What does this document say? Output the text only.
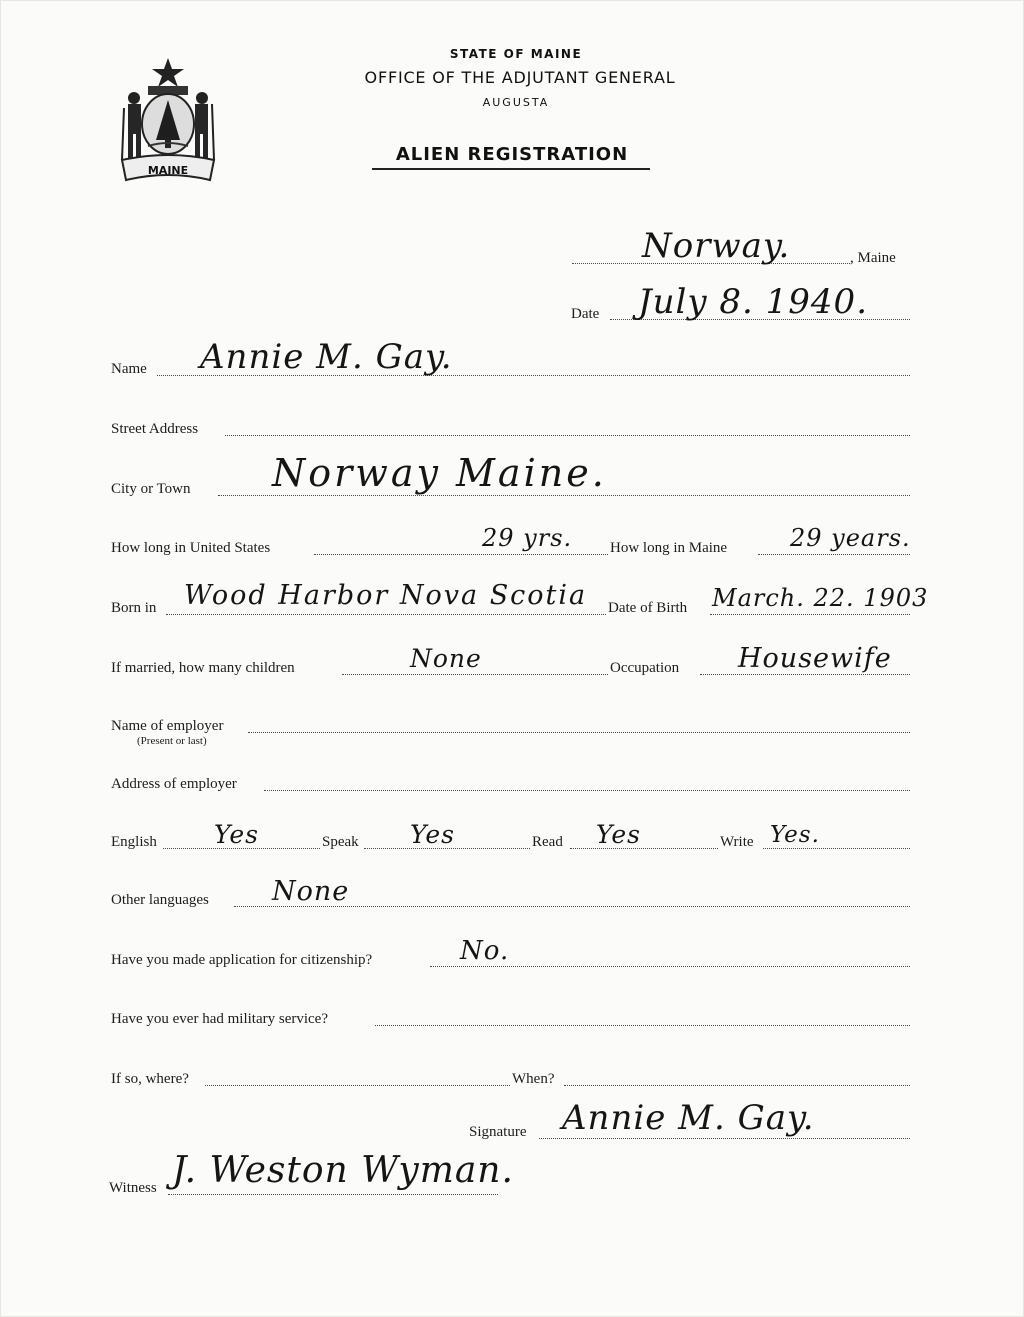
MAINE
STATE OF MAINE
OFFICE OF THE ADJUTANT GENERAL
AUGUSTA
ALIEN REGISTRATION
Norway.	, Maine
Date July 8. 1940.
Name Annie M. Gay.
Street Address
City or Town Norway Maine.
How long in United States	29 yrs.	How long in Maine	29 years.
Born in Wood Harbor Nova Scotia Date of Birth March. 22. 1903
If married, how many children	None	Occupation Housewife
Name of employer
(Present or last)
Address of employer
English Yes	Speak Yes	Read Yes	Write Yes.
Other languages None
Have you made application for citizenship?	No.
Have you ever had military service?
If so, where?	When?
Signature Annie M. Gay.
Witness J. Weston Wyman.
